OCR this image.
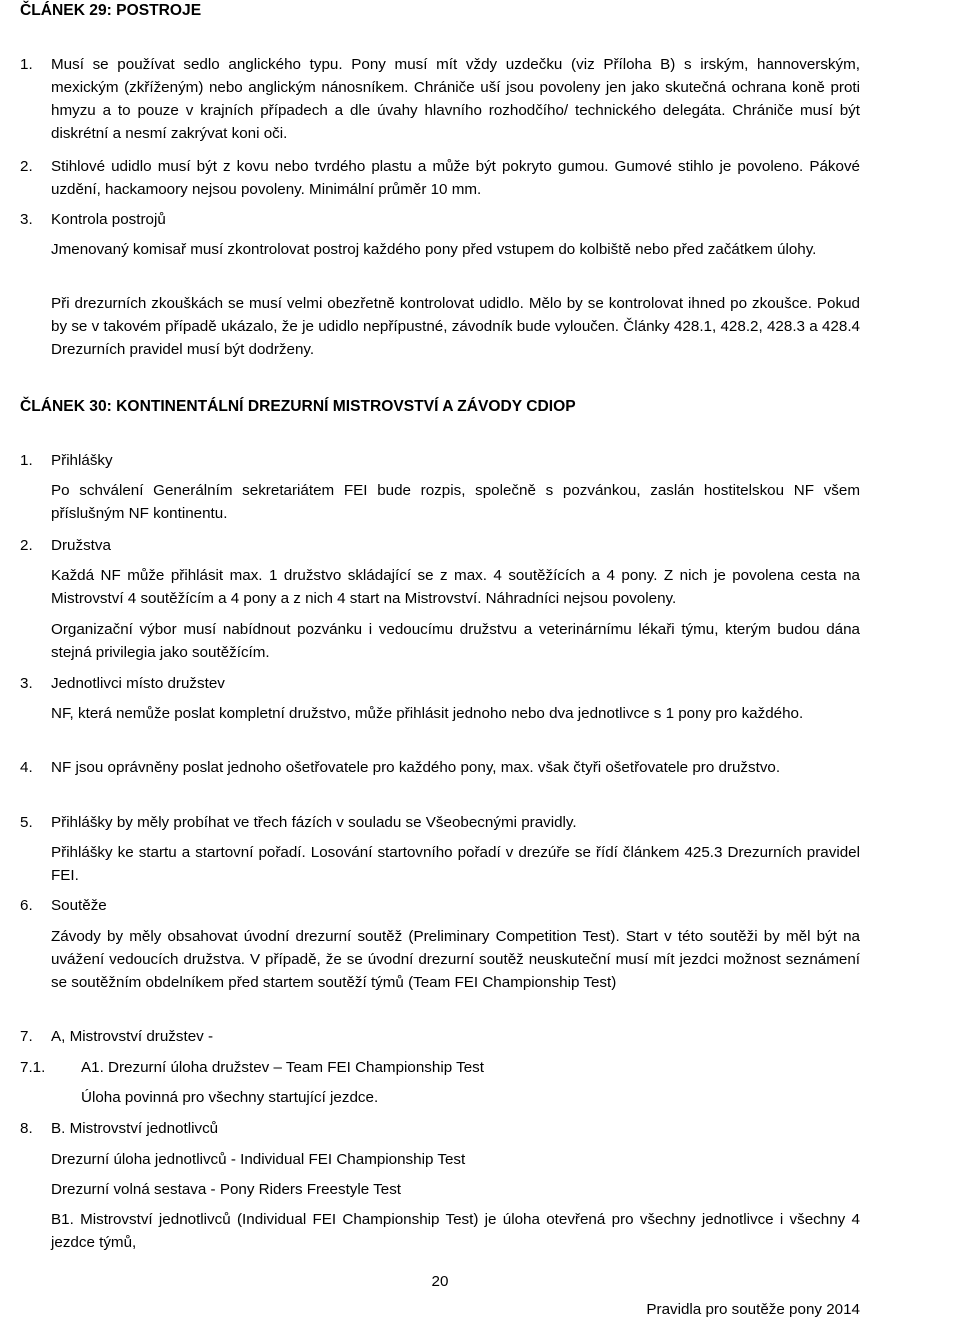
ČLÁNEK 29: POSTROJE

1. Musí se používat sedlo anglického typu. Pony musí mít vždy uzdečku (viz Příloha B) s irským, hannoverským, mexickým (zkříženým) nebo anglickým nánosníkem. Chrániče uší jsou povoleny jen jako skutečná ochrana koně proti hmyzu a to pouze v krajních případech a dle úvahy hlavního rozhodčího/ technického delegáta. Chrániče musí být diskrétní a nesmí zakrývat koni oči.

2. Stihlové udidlo musí být z kovu nebo tvrdého plastu a může být pokryto gumou. Gumové stihlo je povoleno. Pákové uzdění, hackamoory nejsou povoleny. Minimální průměr 10 mm.

3. Kontrola postrojů

Jmenovaný komisař musí zkontrolovat postroj každého pony před vstupem do kolbiště nebo před začátkem úlohy.

Při drezurních zkouškách se musí velmi obezřetně kontrolovat udidlo. Mělo by se kontrolovat ihned po zkoušce. Pokud by se v takovém případě ukázalo, že je udidlo nepřípustné, závodník bude vyloučen. Články 428.1, 428.2, 428.3 a 428.4 Drezurních pravidel musí být dodrženy.

ČLÁNEK 30: KONTINENTÁLNÍ DREZURNÍ MISTROVSTVÍ A ZÁVODY CDIOP

1. Přihlášky

Po schválení Generálním sekretariátem FEI bude rozpis, společně s pozvánkou, zaslán hostitelskou NF všem příslušným NF kontinentu.

2. Družstva

Každá NF může přihlásit max. 1 družstvo skládající se z max. 4 soutěžících a 4 pony. Z nich je povolena cesta na Mistrovství 4 soutěžícím a 4 pony a z nich 4 start na Mistrovství. Náhradníci nejsou povoleny.

Organizační výbor musí nabídnout pozvánku i vedoucímu družstvu a veterinárnímu lékaři týmu, kterým budou dána stejná privilegia jako soutěžícím.

3. Jednotlivci místo družstev

NF, která nemůže poslat kompletní družstvo, může přihlásit jednoho nebo dva jednotlivce s 1 pony pro každého.

4. NF jsou oprávněny poslat jednoho ošetřovatele pro každého pony, max. však čtyři ošetřovatele pro družstvo.

5. Přihlášky by měly probíhat ve třech fázích v souladu se Všeobecnými pravidly.

Přihlášky ke startu a startovní pořadí. Losování startovního pořadí v drezúře se řídí článkem 425.3 Drezurních pravidel FEI.

6. Soutěže

Závody by měly obsahovat úvodní drezurní soutěž (Preliminary Competition Test). Start v této soutěži by měl být na uvážení vedoucích družstva. V případě, že se úvodní drezurní soutěž neuskuteční musí mít jezdci možnost seznámení se soutěžním obdelníkem před startem soutěží týmů (Team FEI Championship Test)

7. A, Mistrovství družstev -

7.1. A1. Drezurní úloha družstev – Team FEI Championship Test

Úloha povinná pro všechny startující jezdce.

8. B. Mistrovství jednotlivců

Drezurní úloha jednotlivců - Individual FEI Championship Test

Drezurní volná sestava - Pony Riders Freestyle Test

B1. Mistrovství jednotlivců (Individual FEI Championship Test) je úloha otevřená pro všechny jednotlivce i všechny 4 jezdce týmů,

20
Pravidla pro soutěže pony 2014
